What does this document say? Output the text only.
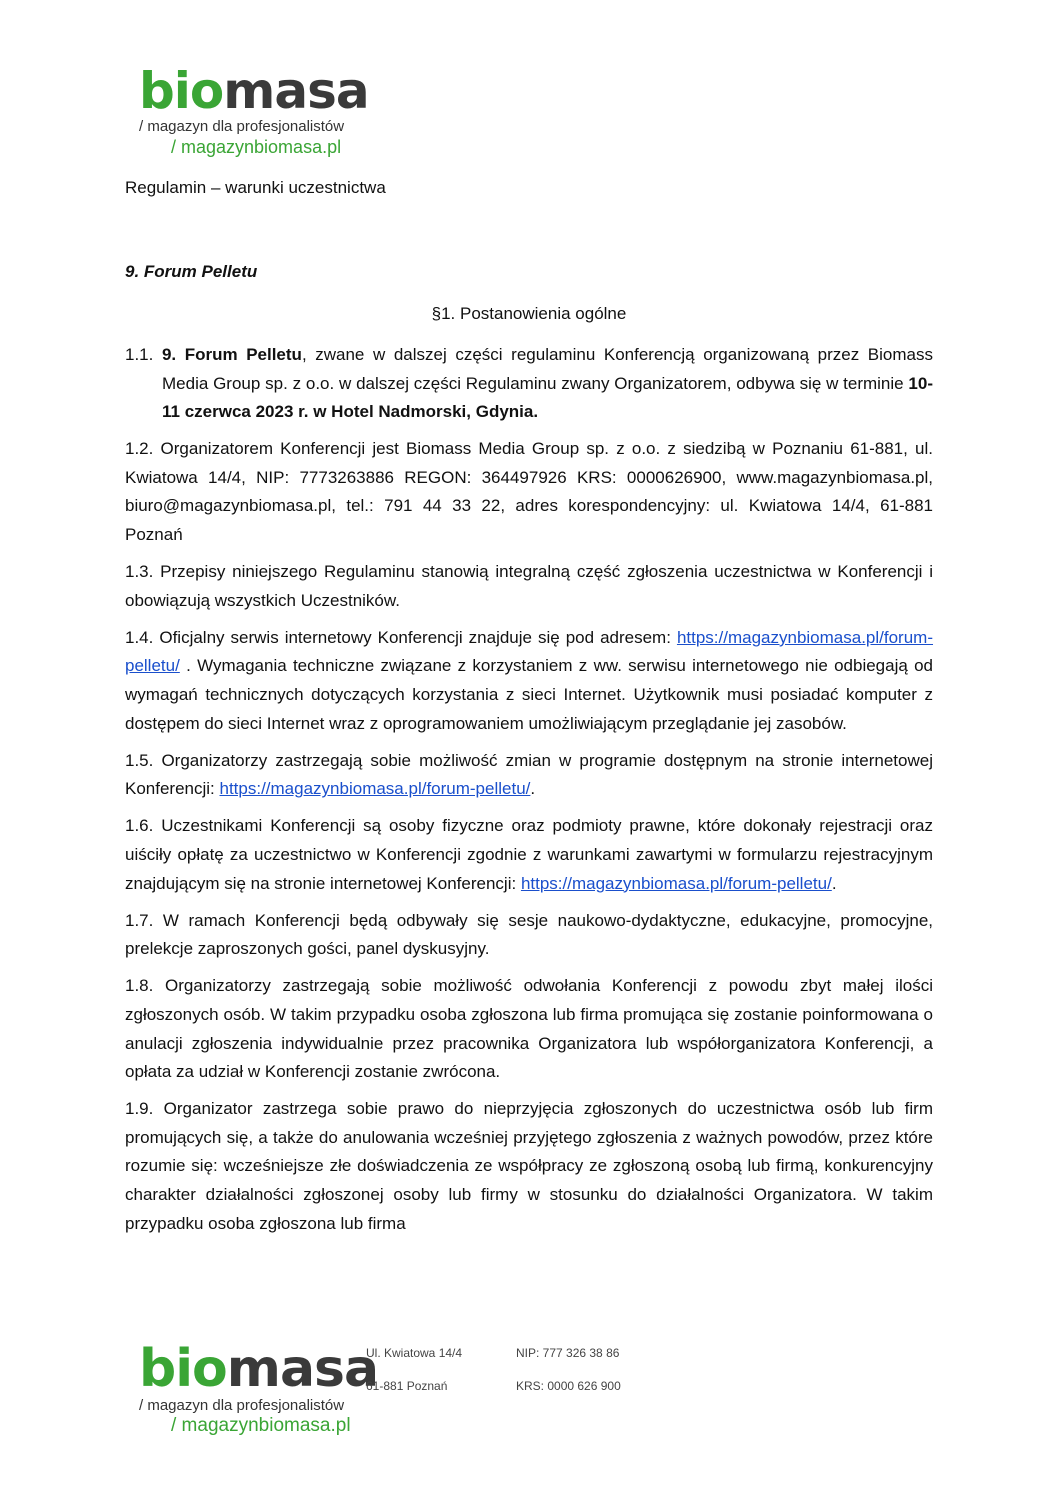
biomasa
/ magazyn dla profesjonalistów
/ magazynbiomasa.pl
Regulamin – warunki uczestnictwa
9. Forum Pelletu
§1. Postanowienia ogólne

1.1. 9. Forum Pelletu, zwane w dalszej części regulaminu Konferencją organizowaną przez Biomass Media Group sp. z o.o. w dalszej części Regulaminu zwany Organizatorem, odbywa się w terminie 10-11 czerwca 2023 r. w Hotel Nadmorski, Gdynia.

1.2. Organizatorem Konferencji jest Biomass Media Group sp. z o.o. z siedzibą w Poznaniu 61-881, ul. Kwiatowa 14/4, NIP: 7773263886 REGON: 364497926 KRS: 0000626900, www.magazynbiomasa.pl, biuro@magazynbiomasa.pl, tel.: 791 44 33 22, adres korespondencyjny: ul. Kwiatowa 14/4, 61-881 Poznań

1.3. Przepisy niniejszego Regulaminu stanowią integralną część zgłoszenia uczestnictwa w Konferencji i obowiązują wszystkich Uczestników.

1.4. Oficjalny serwis internetowy Konferencji znajduje się pod adresem: https://magazynbiomasa.pl/forum-pelletu/ . Wymagania techniczne związane z korzystaniem z ww. serwisu internetowego nie odbiegają od wymagań technicznych dotyczących korzystania z sieci Internet. Użytkownik musi posiadać komputer z dostępem do sieci Internet wraz z oprogramowaniem umożliwiającym przeglądanie jej zasobów.

1.5. Organizatorzy zastrzegają sobie możliwość zmian w programie dostępnym na stronie internetowej Konferencji: https://magazynbiomasa.pl/forum-pelletu/.

1.6. Uczestnikami Konferencji są osoby fizyczne oraz podmioty prawne, które dokonały rejestracji oraz uiściły opłatę za uczestnictwo w Konferencji zgodnie z warunkami zawartymi w formularzu rejestracyjnym znajdującym się na stronie internetowej Konferencji: https://magazynbiomasa.pl/forum-pelletu/.

1.7. W ramach Konferencji będą odbywały się sesje naukowo-dydaktyczne, edukacyjne, promocyjne, prelekcje zaproszonych gości, panel dyskusyjny.

1.8. Organizatorzy zastrzegają sobie możliwość odwołania Konferencji z powodu zbyt małej ilości zgłoszonych osób. W takim przypadku osoba zgłoszona lub firma promująca się zostanie poinformowana o anulacji zgłoszenia indywidualnie przez pracownika Organizatora lub współorganizatora Konferencji, a opłata za udział w Konferencji zostanie zwrócona.

1.9. Organizator zastrzega sobie prawo do nieprzyjęcia zgłoszonych do uczestnictwa osób lub firm promujących się, a także do anulowania wcześniej przyjętego zgłoszenia z ważnych powodów, przez które rozumie się: wcześniejsze złe doświadczenia ze współpracy ze zgłoszoną osobą lub firmą, konkurencyjny charakter działalności zgłoszonej osoby lub firmy w stosunku do działalności Organizatora. W takim przypadku osoba zgłoszona lub firma

biomasa
/ magazyn dla profesjonalistów
/ magazynbiomasa.pl
Ul. Kwiatowa 14/4
61-881 Poznań
NIP: 777 326 38 86
KRS: 0000 626 900
